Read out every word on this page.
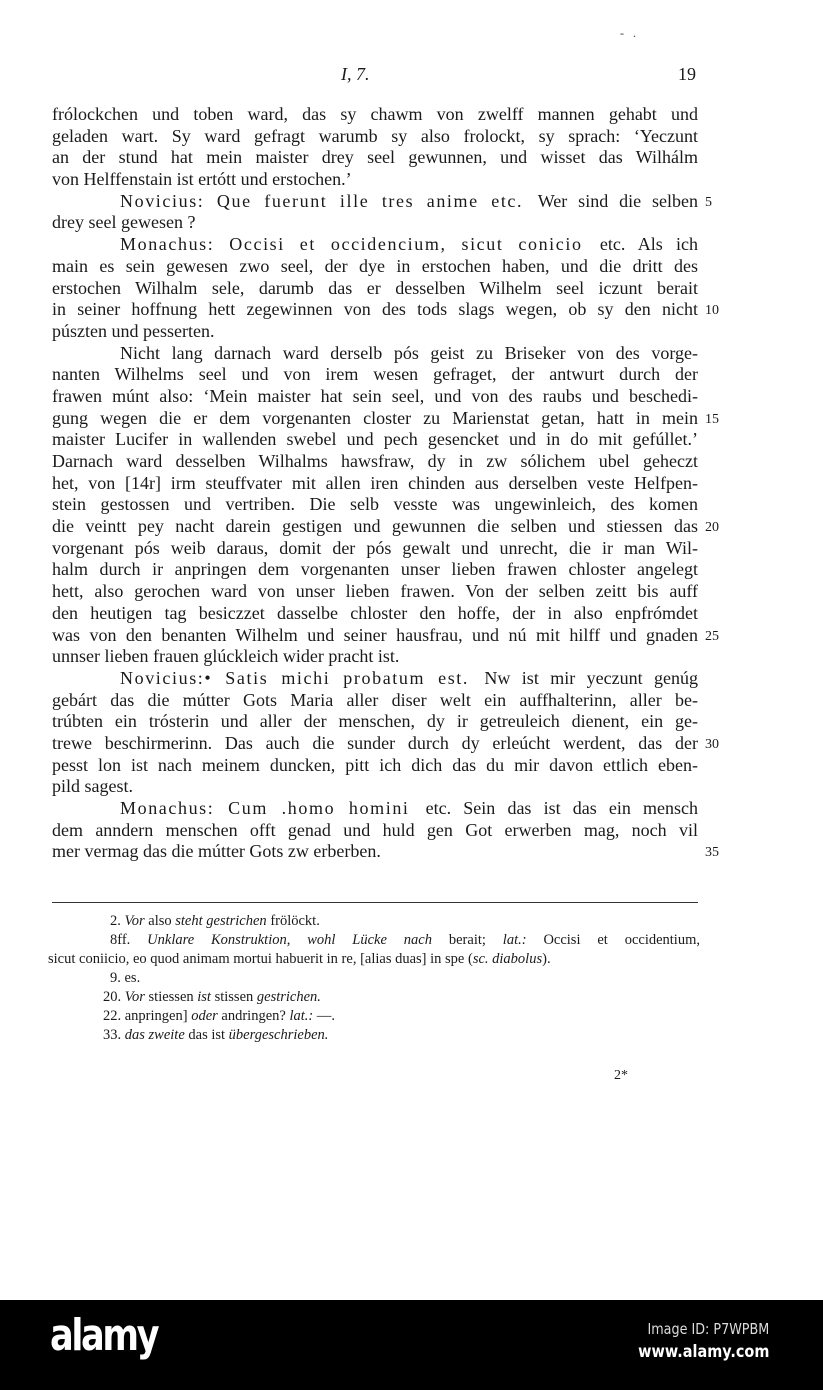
- .
I, 7.	19
frólockchen und toben ward, das sy chawm von zwelff mannen gehabt und
geladen wart. Sy ward gefragt warumb sy also frolockt, sy sprach: ‘Yeczunt
an der stund hat mein maister drey seel gewunnen, und wisset das Wilhálm
von Helffenstain ist ertótt und erstochen.’
Novicius: Que fuerunt ille tres anime etc. Wer sind die selben 5
drey seel gewesen ?
Monachus: Occisi et occidencium, sicut conicio etc. Als ich
main es sein gewesen zwo seel, der dye in erstochen haben, und die dritt des
erstochen Wilhalm sele, darumb das er desselben Wilhelm seel iczunt berait
in seiner hoffnung hett zegewinnen von des tods slags wegen, ob sy den nicht 10
púszten und pesserten.
Nicht lang darnach ward derselb pós geist zu Briseker von des vorge-
nanten Wilhelms seel und von irem wesen gefraget, der antwurt durch der
frawen múnt also: ‘Mein maister hat sein seel, und von des raubs und beschedi-
gung wegen die er dem vorgenanten closter zu Marienstat getan, hatt in mein 15
maister Lucifer in wallenden swebel und pech gesencket und in do mit gefúllet.’
Darnach ward desselben Wilhalms hawsfraw, dy in zw sólichem ubel geheczt
het, von [14r] irm steuffvater mit allen iren chinden aus derselben veste Helfpen-
stein gestossen und vertriben. Die selb vesste was ungewinleich, des komen
die veintt pey nacht darein gestigen und gewunnen die selben und stiessen das 20
vorgenant pós weib daraus, domit der pós gewalt und unrecht, die ir man Wil-
halm durch ir anpringen dem vorgenanten unser lieben frawen chloster angelegt
hett, also gerochen ward von unser lieben frawen. Von der selben zeitt bis auff
den heutigen tag besiczzet dasselbe chloster den hoffe, der in also enpfrómdet
was von den benanten Wilhelm und seiner hausfrau, und nú mit hilff und gnaden 25
unnser lieben frauen glúckleich wider pracht ist.
Novicius:• Satis michi probatum est. Nw ist mir yeczunt genúg
gebárt das die mútter Gots Maria aller diser welt ein auffhalterinn, aller be-
trúbten ein trósterin und aller der menschen, dy ir getreuleich dienent, ein ge-
trewe beschirmerinn. Das auch die sunder durch dy erleúcht werdent, das der 30
pesst lon ist nach meinem duncken, pitt ich dich das du mir davon ettlich eben-
pild sagest.
Monachus: Cum .homo homini etc. Sein das ist das ein mensch
dem anndern menschen offt genad und huld gen Got erwerben mag, noch vil
mer vermag das die mútter Gots zw erberben.	35
2. Vor also steht gestrichen frölöckt.
8ff. Unklare Konstruktion, wohl Lücke nach berait; lat.: Occisi et occidentium,
sicut coniicio, eo quod animam mortui habuerit in re, [alias duas] in spe (sc. diabolus).
9. es.
20. Vor stiessen ist stissen gestrichen.
22. anpringen] oder andringen? lat.: —.
33. das zweite das ist übergeschrieben.
2*
alamy	Image ID: P7WPBM
www.alamy.com
